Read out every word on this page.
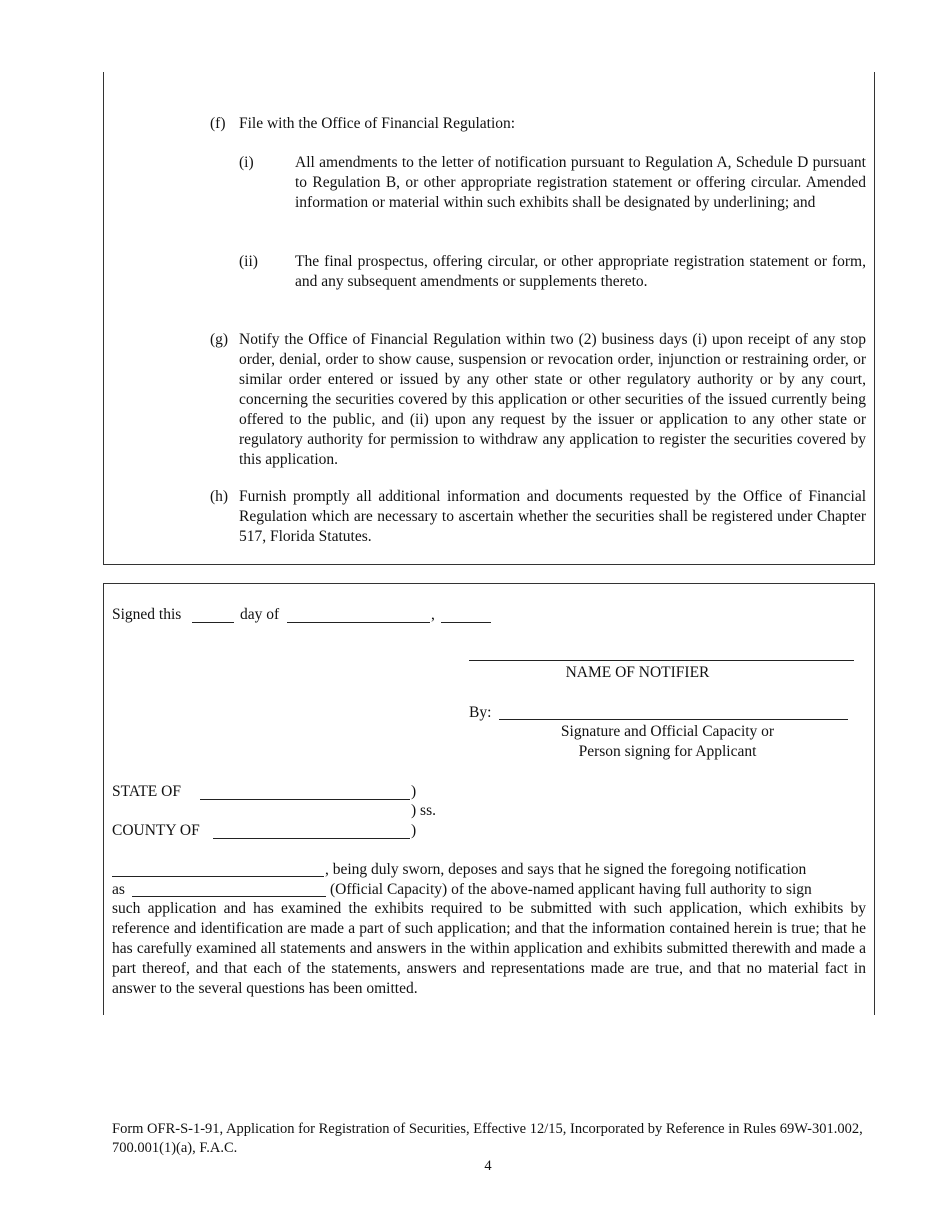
(f) File with the Office of Financial Regulation:
(i)	All amendments to the letter of notification pursuant to Regulation A, Schedule D pursuant to Regulation B, or other appropriate registration statement or offering circular. Amended information or material within such exhibits shall be designated by underlining; and
(ii) The final prospectus, offering circular, or other appropriate registration statement or form, and any subsequent amendments or supplements thereto.
(g) Notify the Office of Financial Regulation within two (2) business days (i) upon receipt of any stop order, denial, order to show cause, suspension or revocation order, injunction or restraining order, or similar order entered or issued by any other state or other regulatory authority or by any court, concerning the securities covered by this application or other securities of the issued currently being offered to the public, and (ii) upon any request by the issuer or application to any other state or regulatory authority for permission to withdraw any application to register the securities covered by this application.
(h) Furnish promptly all additional information and documents requested by the Office of Financial Regulation which are necessary to ascertain whether the securities shall be registered under Chapter 517, Florida Statutes.
Signed this	day of	,
NAME OF NOTIFIER
By:
Signature and Official Capacity or
Person signing for Applicant
STATE OF	)
) ss.
COUNTY OF	)
, being duly sworn, deposes and says that he signed the foregoing notification
as	(Official Capacity) of the above-named applicant having full authority to sign
such application and has examined the exhibits required to be submitted with such application, which exhibits by reference and identification are made a part of such application; and that the information contained herein is true; that he has carefully examined all statements and answers in the within application and exhibits submitted therewith and made a part thereof, and that each of the statements, answers and representations made are true, and that no material fact in answer to the several questions has been omitted.
Form OFR-S-1-91, Application for Registration of Securities, Effective 12/15, Incorporated by Reference in Rules 69W-301.002, 700.001(1)(a), F.A.C.
4
